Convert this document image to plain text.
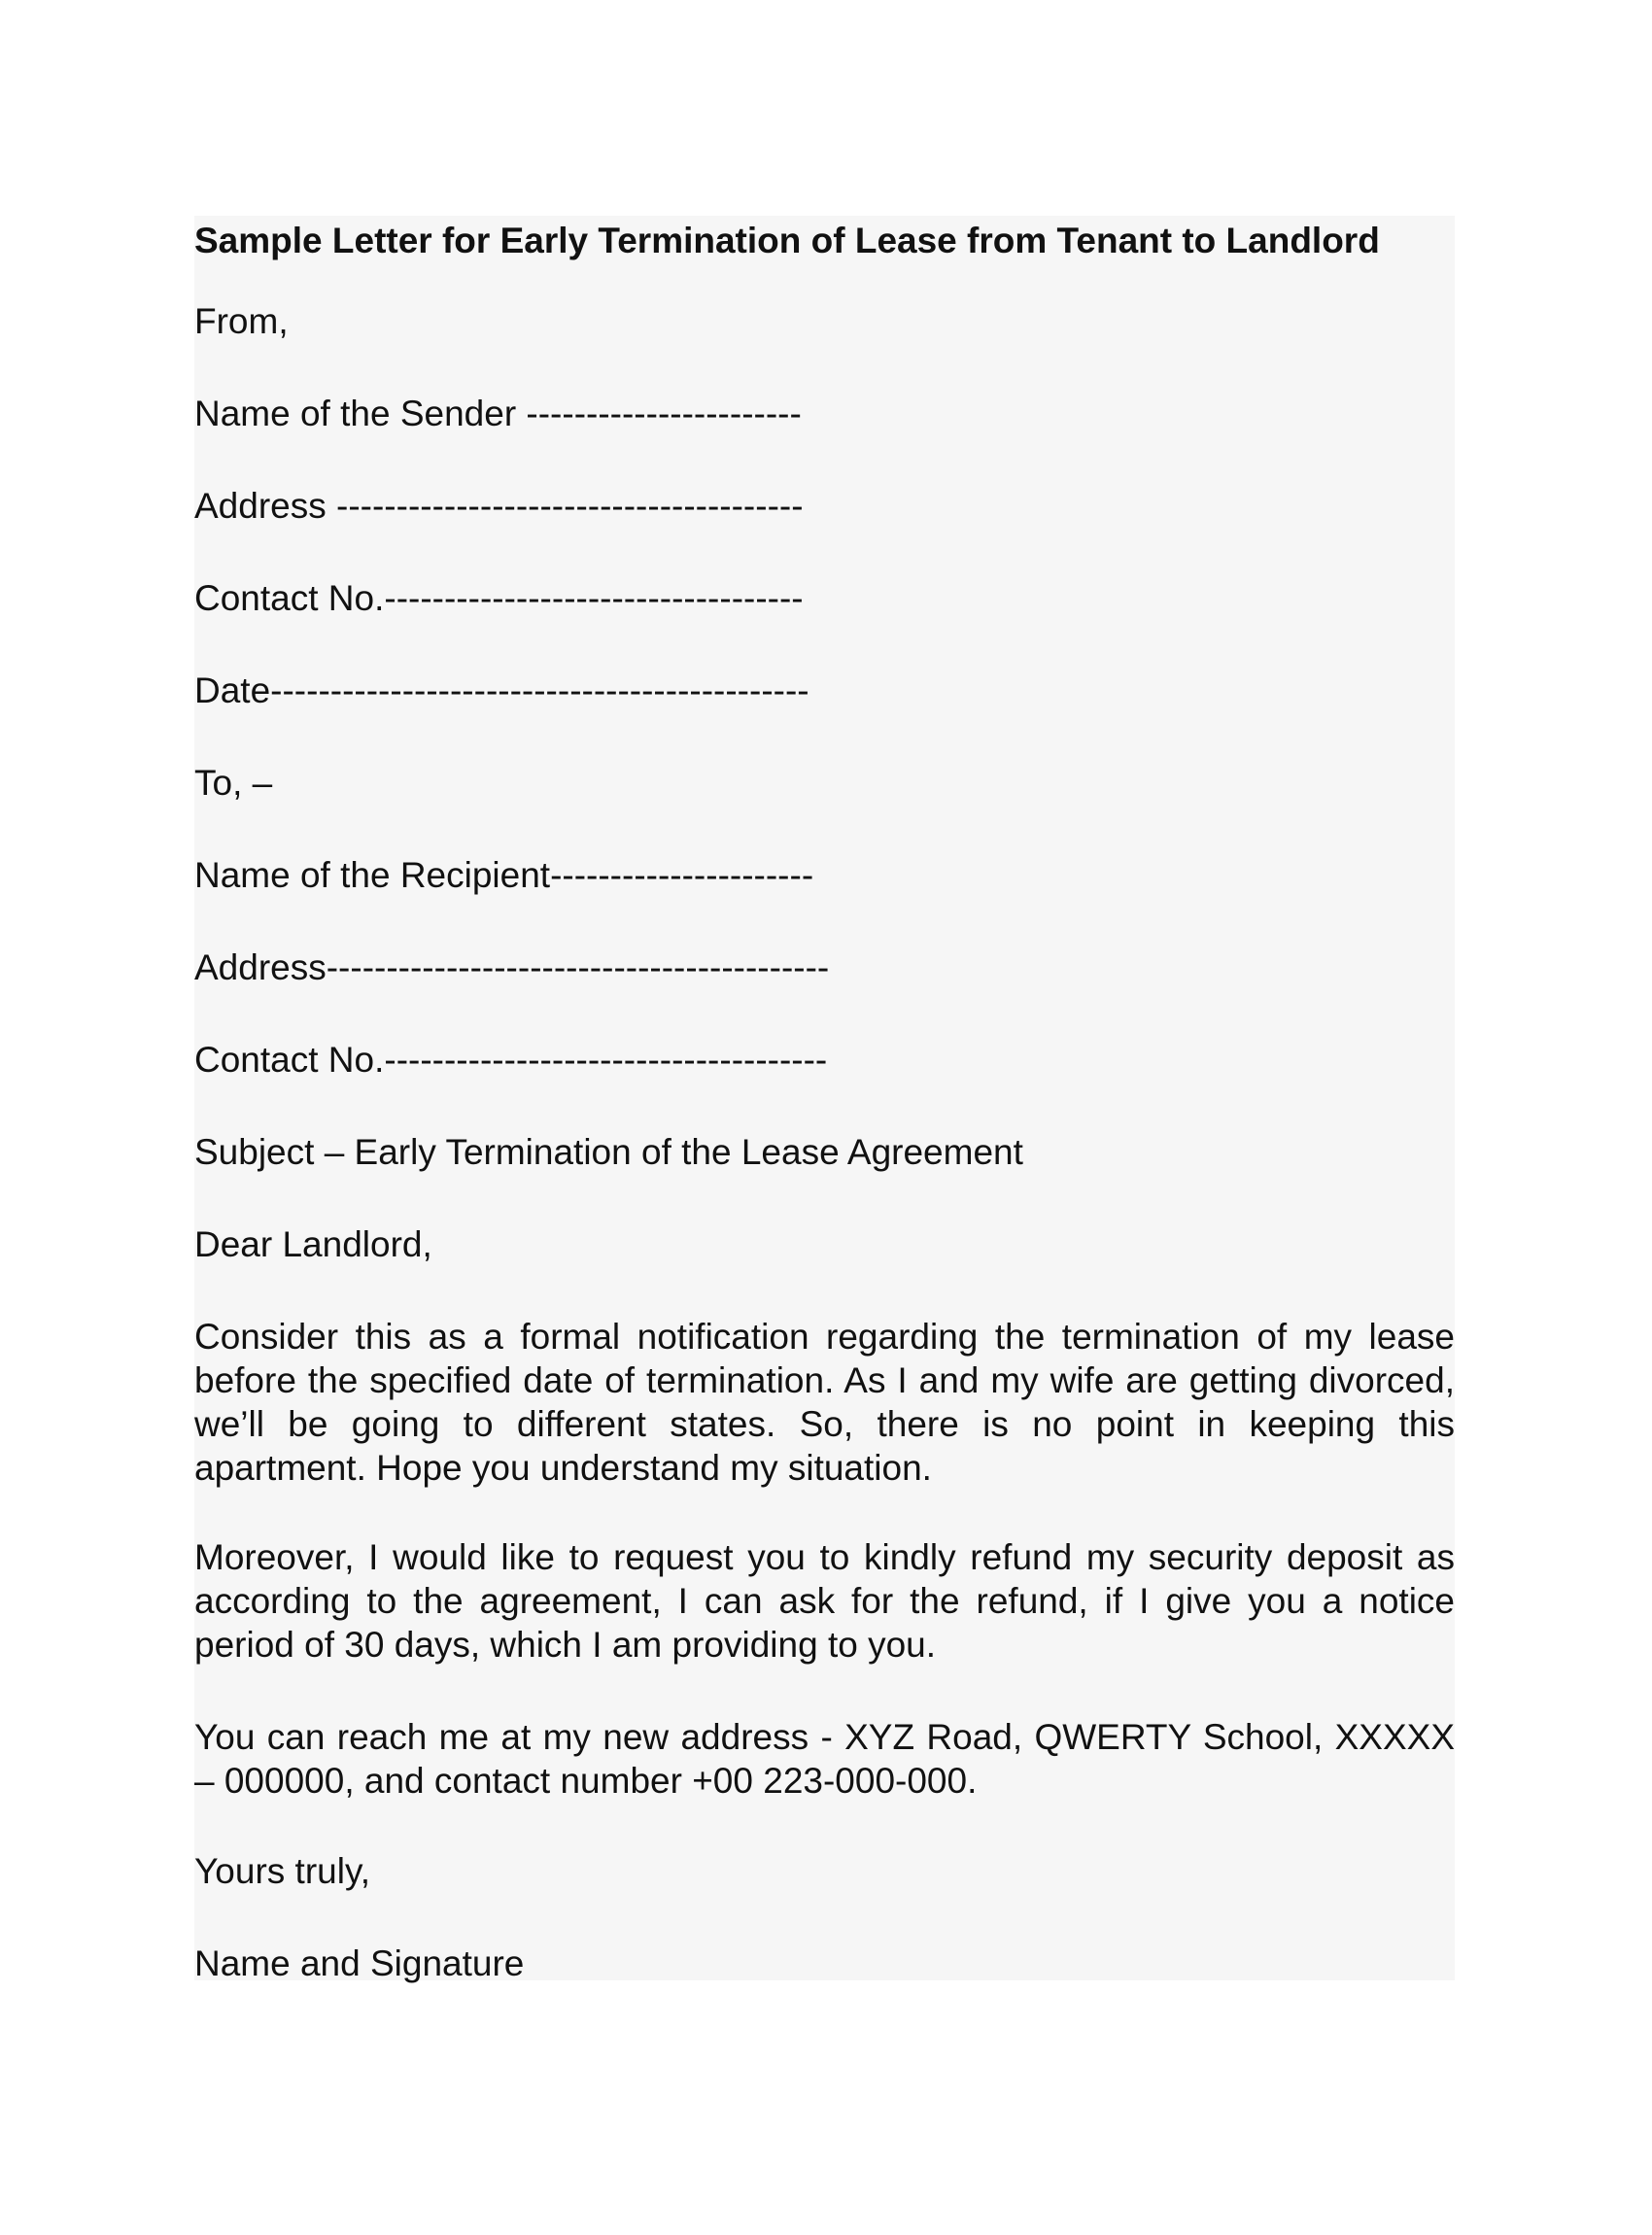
Sample Letter for Early Termination of Lease from Tenant to Landlord
From,
Name of the Sender -----------------------
Address ---------------------------------------
Contact No.-----------------------------------
Date---------------------------------------------
To, –
Name of the Recipient----------------------
Address------------------------------------------
Contact No.-------------------------------------
Subject – Early Termination of the Lease Agreement
Dear Landlord,
Consider this as a formal notification regarding the termination of my lease before the specified date of termination. As I and my wife are getting divorced, we’ll be going to different states. So, there is no point in keeping this apartment. Hope you understand my situation.
Moreover, I would like to request you to kindly refund my security deposit as according to the agreement, I can ask for the refund, if I give you a notice period of 30 days, which I am providing to you.
You can reach me at my new address - XYZ Road, QWERTY School, XXXXX – 000000, and contact number +00 223-000-000.
Yours truly,
Name and Signature
